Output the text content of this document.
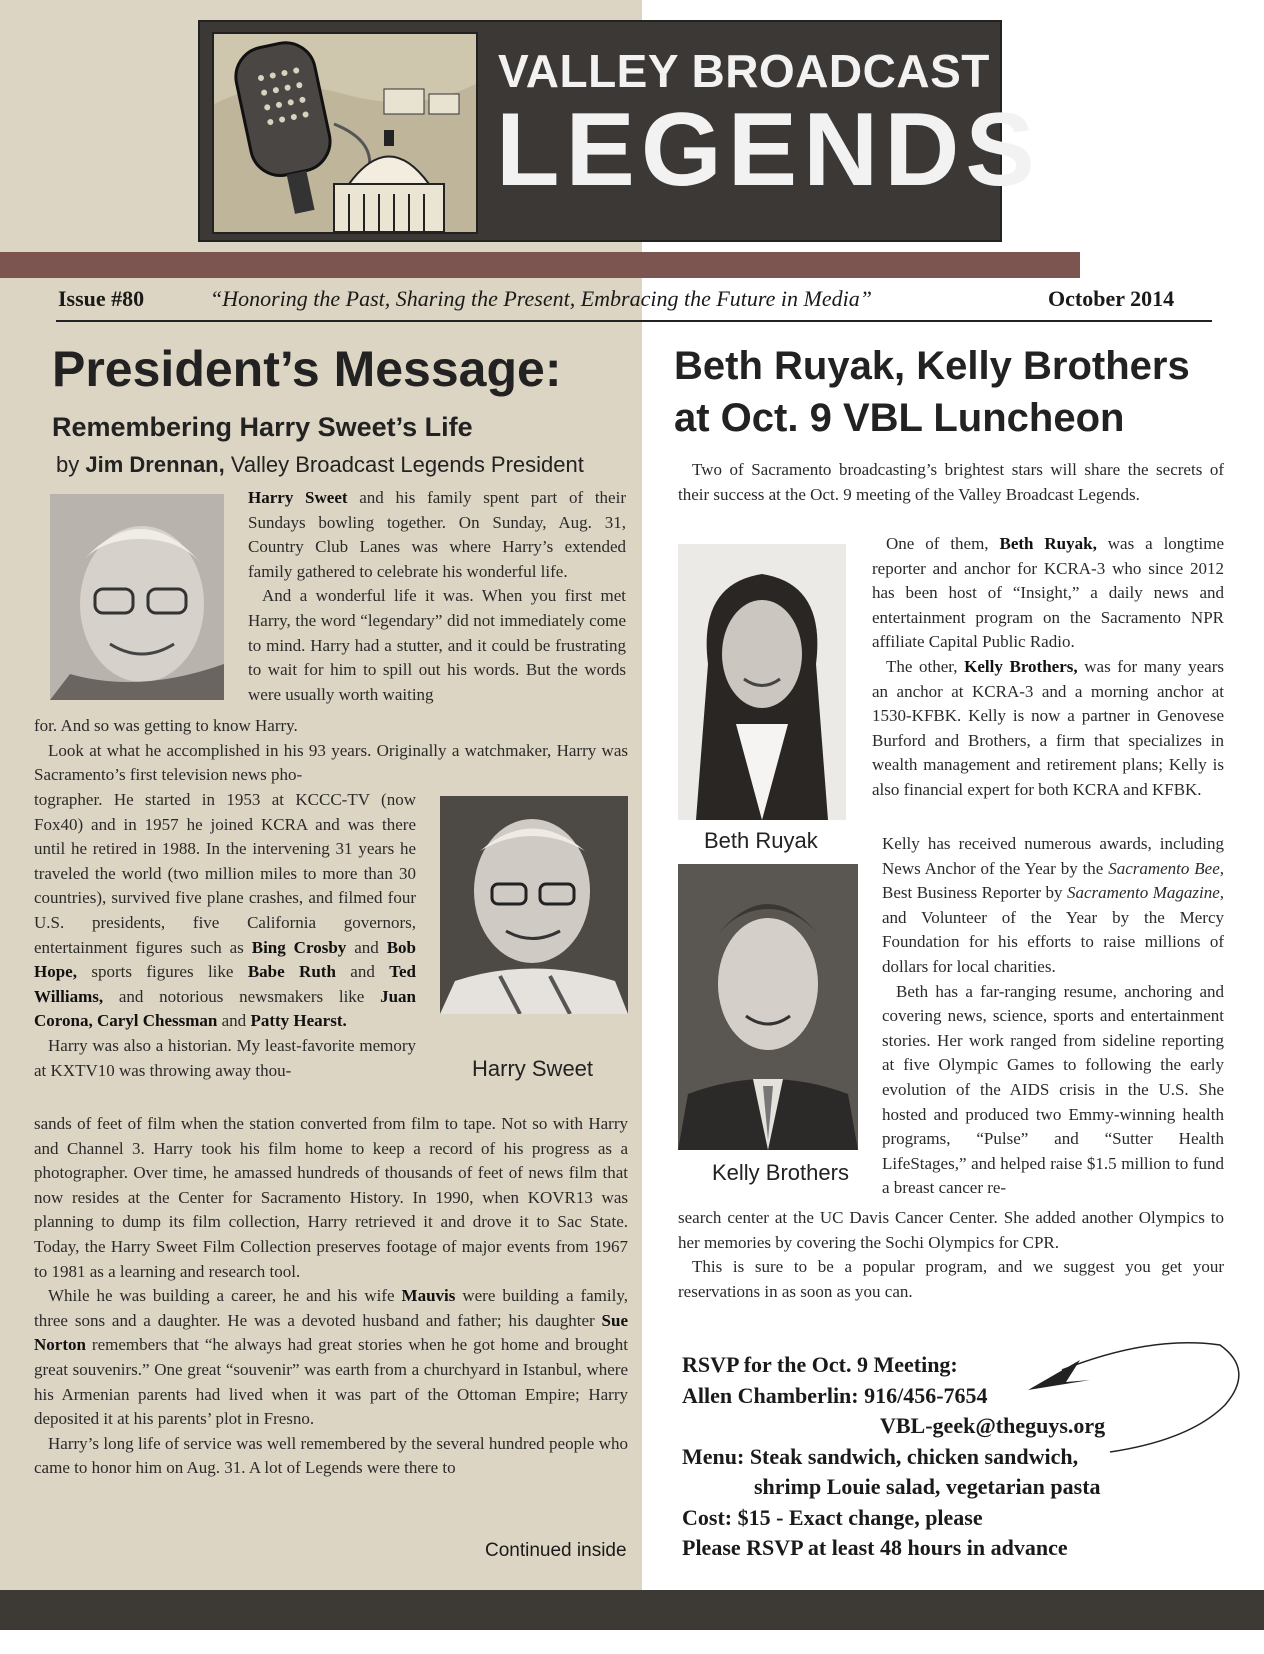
VALLEY BROADCAST
LEGENDS
Issue #80	“Honoring the Past, Sharing the Present, Embracing the Future in Media”	October 2014
President’s Message:
Remembering Harry Sweet’s Life
by Jim Drennan, Valley Broadcast Legends President

Harry Sweet and his family spent part of their Sundays bowling together. On Sunday, Aug. 31, Country Club Lanes was where Harry’s extended family gathered to celebrate his wonderful life.

And a wonderful life it was. When you first met Harry, the word “legendary” did not immediately come to mind. Harry had a stutter, and it could be frustrating to wait for him to spill out his words. But the words were usually worth waiting

for. And so was getting to know Harry.

Look at what he accomplished in his 93 years. Originally a watchmaker, Harry was Sacramento’s first television news pho-

Harry Sweet

tographer. He started in 1953 at KCCC-TV (now Fox40) and in 1957 he joined KCRA and was there until he retired in 1988. In the intervening 31 years he traveled the world (two million miles to more than 30 countries), survived five plane crashes, and filmed four U.S. presidents, five California governors, entertainment figures such as Bing Crosby and Bob Hope, sports figures like Babe Ruth and Ted Williams, and notorious newsmakers like Juan Corona, Caryl Chessman and Patty Hearst.

Harry was also a historian. My least-favorite memory at KXTV10 was throwing away thou-

sands of feet of film when the station converted from film to tape. Not so with Harry and Channel 3. Harry took his film home to keep a record of his progress as a photographer. Over time, he amassed hundreds of thousands of feet of news film that now resides at the Center for Sacramento History. In 1990, when KOVR13 was planning to dump its film collection, Harry retrieved it and drove it to Sac State. Today, the Harry Sweet Film Collection preserves footage of major events from 1967 to 1981 as a learning and research tool.

While he was building a career, he and his wife Mauvis were building a family, three sons and a daughter. He was a devoted husband and father; his daughter Sue Norton remembers that “he always had great stories when he got home and brought great souvenirs.” One great “souvenir” was earth from a churchyard in Istanbul, where his Armenian parents had lived when it was part of the Ottoman Empire; Harry deposited it at his parents’ plot in Fresno.

Harry’s long life of service was well remembered by the several hundred people who came to honor him on Aug. 31. A lot of Legends were there to

Continued inside
Beth Ruyak, Kelly Brothers
at Oct. 9 VBL Luncheon

Two of Sacramento broadcasting’s brightest stars will share the secrets of their success at the Oct. 9 meeting of the Valley Broadcast Legends.

Beth Ruyak
Kelly Brothers

One of them, Beth Ruyak, was a longtime reporter and anchor for KCRA-3 who since 2012 has been host of “Insight,” a daily news and entertainment program on the Sacramento NPR affiliate Capital Public Radio.

The other, Kelly Brothers, was for many years an anchor at KCRA-3 and a morning anchor at 1530-KFBK. Kelly is now a partner in Genovese Burford and Brothers, a firm that specializes in wealth management and retirement plans; Kelly is also financial expert for both KCRA and KFBK.

Kelly has received numerous awards, including News Anchor of the Year by the Sacramento Bee, Best Business Reporter by Sacramento Magazine, and Volunteer of the Year by the Mercy Foundation for his efforts to raise millions of dollars for local charities.

Beth has a far-ranging resume, anchoring and covering news, science, sports and entertainment stories. Her work ranged from sideline reporting at five Olympic Games to following the early evolution of the AIDS crisis in the U.S. She hosted and produced two Emmy-winning health programs, “Pulse” and “Sutter Health LifeStages,” and helped raise $1.5 million to fund a breast cancer re-

search center at the UC Davis Cancer Center. She added another Olympics to her memories by covering the Sochi Olympics for CPR.

This is sure to be a popular program, and we suggest you get your reservations in as soon as you can.

RSVP for the Oct. 9 Meeting:
Allen Chamberlin: 916/456-7654
VBL-geek@theguys.org
Menu: Steak sandwich, chicken sandwich,
shrimp Louie salad, vegetarian pasta
Cost: $15 - Exact change, please
Please RSVP at least 48 hours in advance
